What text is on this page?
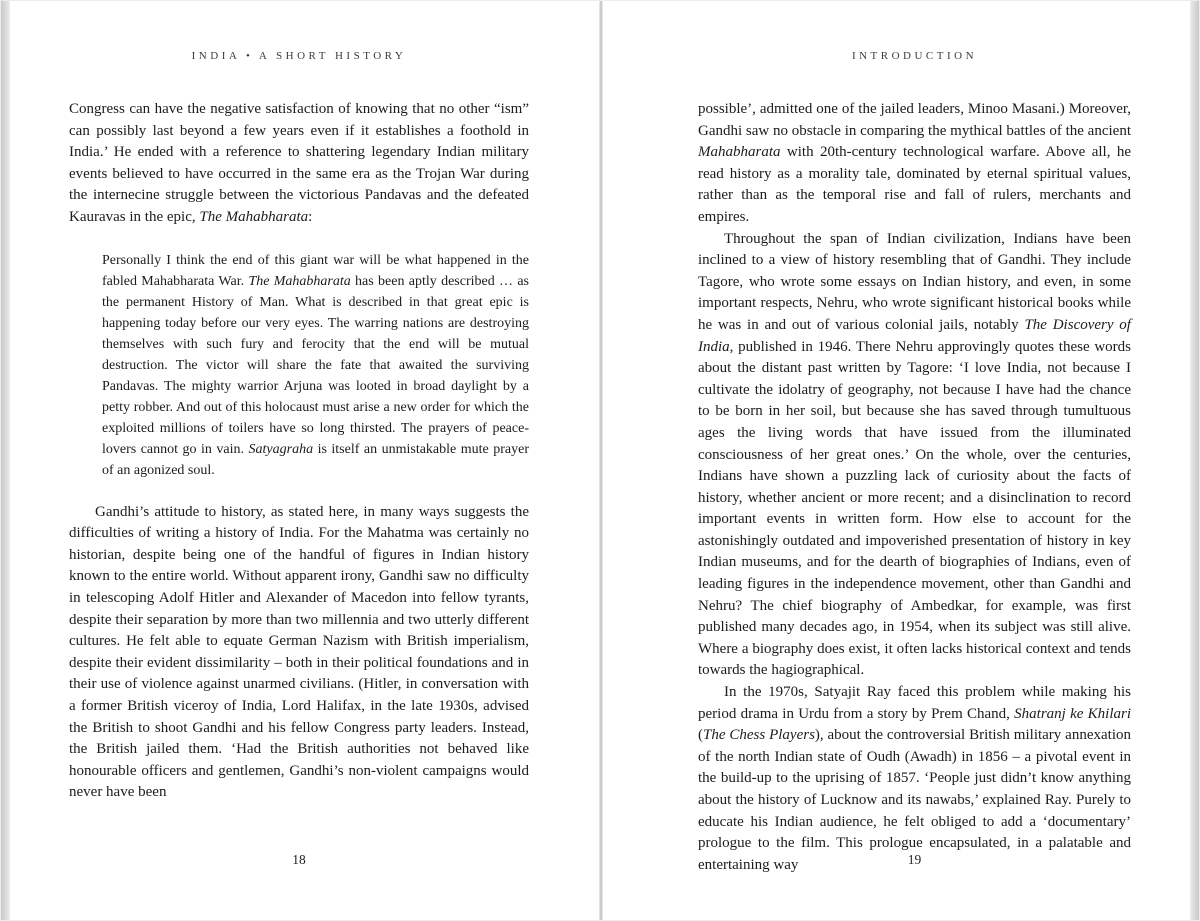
INDIA • A SHORT HISTORY

Congress can have the negative satisfaction of knowing that no other “ism” can possibly last beyond a few years even if it establishes a foothold in India.’ He ended with a reference to shattering legendary Indian military events believed to have occurred in the same era as the Trojan War during the internecine struggle between the victorious Pandavas and the defeated Kauravas in the epic, The Mahabharata:

Personally I think the end of this giant war will be what happened in the fabled Mahabharata War. The Mahabharata has been aptly described … as the permanent History of Man. What is described in that great epic is happening today before our very eyes. The warring nations are destroying themselves with such fury and ferocity that the end will be mutual destruction. The victor will share the fate that awaited the surviving Pandavas. The mighty warrior Arjuna was looted in broad daylight by a petty robber. And out of this holocaust must arise a new order for which the exploited millions of toilers have so long thirsted. The prayers of peace-lovers cannot go in vain. Satyagraha is itself an unmistakable mute prayer of an agonized soul.

Gandhi’s attitude to history, as stated here, in many ways suggests the difficulties of writing a history of India. For the Mahatma was certainly no historian, despite being one of the handful of figures in Indian history known to the entire world. Without apparent irony, Gandhi saw no difficulty in telescoping Adolf Hitler and Alexander of Macedon into fellow tyrants, despite their separation by more than two millennia and two utterly different cultures. He felt able to equate German Nazism with British imperialism, despite their evident dissimilarity – both in their political foundations and in their use of violence against unarmed civilians. (Hitler, in conversation with a former British viceroy of India, Lord Halifax, in the late 1930s, advised the British to shoot Gandhi and his fellow Congress party leaders. Instead, the British jailed them. ‘Had the British authorities not behaved like honourable officers and gentlemen, Gandhi’s non-violent campaigns would never have been

18
INTRODUCTION

possible’, admitted one of the jailed leaders, Minoo Masani.) Moreover, Gandhi saw no obstacle in comparing the mythical battles of the ancient Mahabharata with 20th-century technological warfare. Above all, he read history as a morality tale, dominated by eternal spiritual values, rather than as the temporal rise and fall of rulers, merchants and empires.

Throughout the span of Indian civilization, Indians have been inclined to a view of history resembling that of Gandhi. They include Tagore, who wrote some essays on Indian history, and even, in some important respects, Nehru, who wrote significant historical books while he was in and out of various colonial jails, notably The Discovery of India, published in 1946. There Nehru approvingly quotes these words about the distant past written by Tagore: ‘I love India, not because I cultivate the idolatry of geography, not because I have had the chance to be born in her soil, but because she has saved through tumultuous ages the living words that have issued from the illuminated consciousness of her great ones.’ On the whole, over the centuries, Indians have shown a puzzling lack of curiosity about the facts of history, whether ancient or more recent; and a disinclination to record important events in written form. How else to account for the astonishingly outdated and impoverished presentation of history in key Indian museums, and for the dearth of biographies of Indians, even of leading figures in the independence movement, other than Gandhi and Nehru? The chief biography of Ambedkar, for example, was first published many decades ago, in 1954, when its subject was still alive. Where a biography does exist, it often lacks historical context and tends towards the hagiographical.

In the 1970s, Satyajit Ray faced this problem while making his period drama in Urdu from a story by Prem Chand, Shatranj ke Khilari (The Chess Players), about the controversial British military annexation of the north Indian state of Oudh (Awadh) in 1856 – a pivotal event in the build-up to the uprising of 1857. ‘People just didn’t know anything about the history of Lucknow and its nawabs,’ explained Ray. Purely to educate his Indian audience, he felt obliged to add a ‘documentary’ prologue to the film. This prologue encapsulated, in a palatable and entertaining way	19
